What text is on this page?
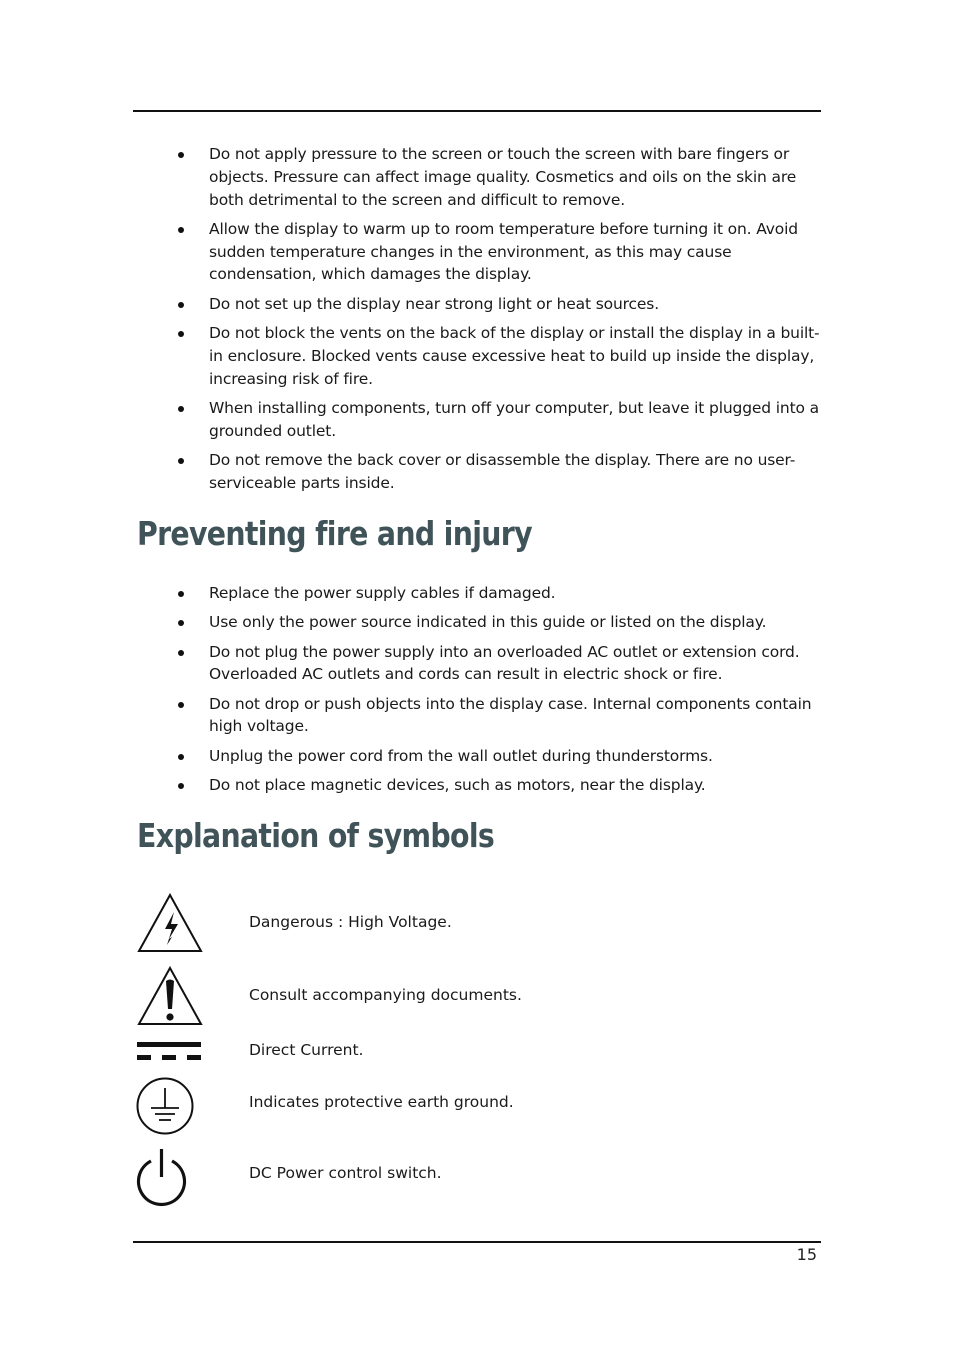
Do not apply pressure to the screen or touch the screen with bare fingers or objects. Pressure can affect image quality. Cosmetics and oils on the skin are both detrimental to the screen and difficult to remove.
Allow the display to warm up to room temperature before turning it on. Avoid sudden temperature changes in the environment, as this may cause condensation, which damages the display.
Do not set up the display near strong light or heat sources.
Do not block the vents on the back of the display or install the display in a built-in enclosure. Blocked vents cause excessive heat to build up inside the display, increasing risk of fire.
When installing components, turn off your computer, but leave it plugged into a grounded outlet.
Do not remove the back cover or disassemble the display. There are no user-serviceable parts inside.
Preventing fire and injury
Replace the power supply cables if damaged.
Use only the power source indicated in this guide or listed on the display.
Do not plug the power supply into an overloaded AC outlet or extension cord. Overloaded AC outlets and cords can result in electric shock or fire.
Do not drop or push objects into the display case. Internal components contain high voltage.
Unplug the power cord from the wall outlet during thunderstorms.
Do not place magnetic devices, such as motors, near the display.
Explanation of symbols
Dangerous : High Voltage.
Consult accompanying documents.
Direct Current.
Indicates protective earth ground.
DC Power control switch.
15
